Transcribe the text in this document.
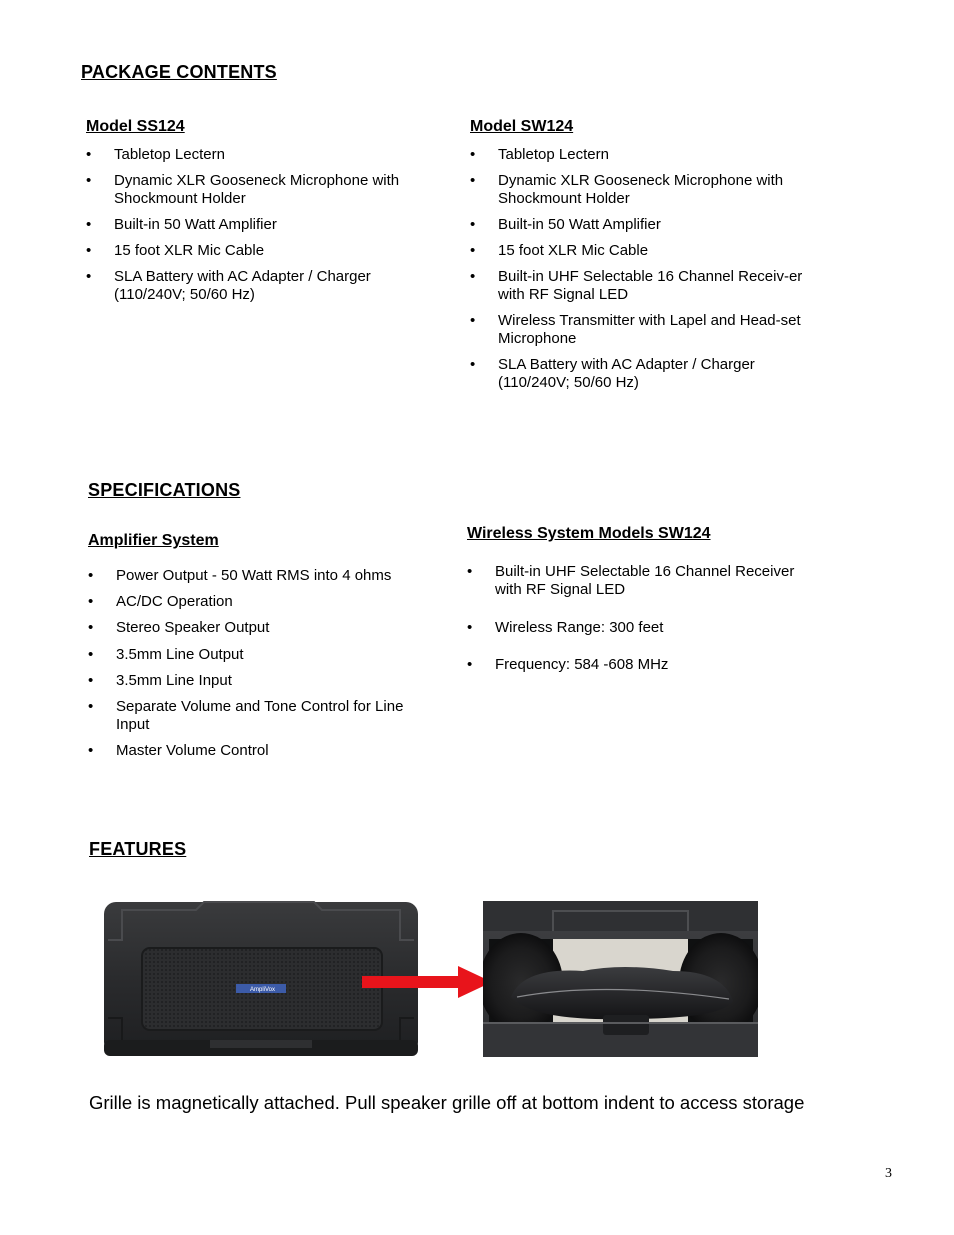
PACKAGE CONTENTS
Model SS124
• Tabletop Lectern
• Dynamic XLR Gooseneck Microphone with Shockmount Holder
• Built-in 50 Watt Amplifier
• 15 foot XLR Mic Cable
• SLA Battery with AC Adapter / Charger (110/240V; 50/60 Hz)
Model SW124
• Tabletop Lectern
• Dynamic XLR Gooseneck Microphone with Shockmount Holder
• Built-in 50 Watt Amplifier
• 15 foot XLR Mic Cable
• Built-in UHF Selectable 16 Channel Receiv-er with RF Signal LED
• Wireless Transmitter with Lapel and Head-set Microphone
• SLA Battery with AC Adapter / Charger (110/240V; 50/60 Hz)
SPECIFICATIONS
Amplifier System
• Power Output - 50 Watt RMS into 4 ohms
• AC/DC Operation
• Stereo Speaker Output
• 3.5mm Line Output
• 3.5mm Line Input
• Separate Volume and Tone Control for Line Input
• Master Volume Control
Wireless System Models SW124
• Built-in UHF Selectable 16 Channel Receiver with RF Signal LED
• Wireless Range: 300 feet
• Frequency: 584 -608 MHz
FEATURES
AmpliVox
Grille is magnetically attached. Pull speaker grille off at bottom indent to access storage
3
